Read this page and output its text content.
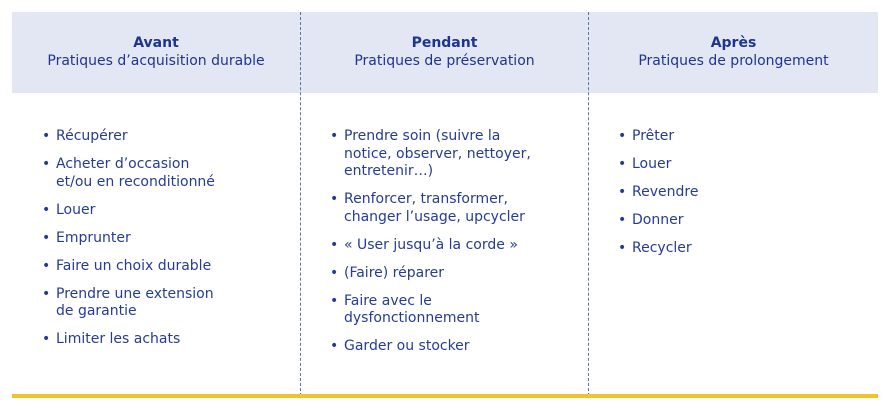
Avant
Pratiques d’acquisition durable
• Récupérer
• Acheter d’occasion
et/ou en reconditionné
• Louer
• Emprunter
• Faire un choix durable
• Prendre une extension
de garantie
• Limiter les achats
Pendant
Pratiques de préservation
• Prendre soin (suivre la
notice, observer, nettoyer,
entretenir…)
• Renforcer, transformer,
changer l’usage, upcycler
• « User jusqu’à la corde »
• (Faire) réparer
• Faire avec le
dysfonctionnement
• Garder ou stocker
Après
Pratiques de prolongement
• Prêter
• Louer
• Revendre
• Donner
• Recycler
